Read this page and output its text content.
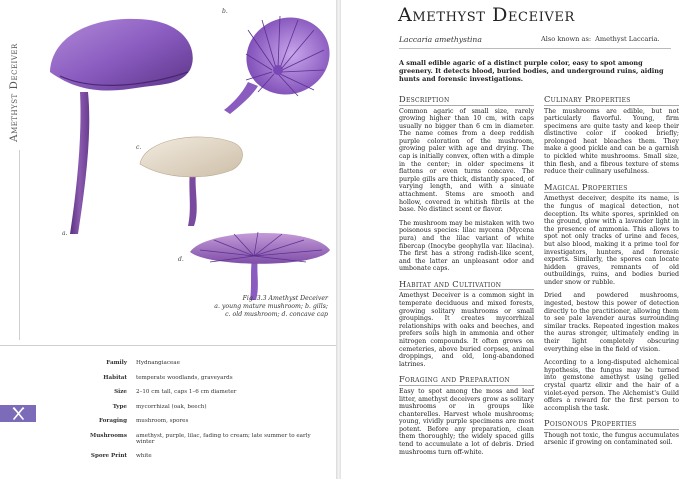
Amethyst Deceiver
a.
b.
c.
d.
Fig. 3.3 Amethyst Deceiver
a. young mature mushroom; b. gills;
c. old mushroom; d. concave cap
Family Hydnangiaceae
Habitat temperate woodlands, graveyards
Size 2–10 cm tall, caps 1–6 cm diameter
Type mycorrhizal (oak, beech)
Foraging mushroom, spores
Mushrooms amethyst, purple, lilac, fading to cream; late summer to early winter
Spore Print white
Amethyst Deceiver
Laccaria amethystina	Also known as: Amethyst Laccaria.
A small edible agaric of a distinct purple color, easy to spot among greenery. It detects blood, buried bodies, and underground ruins, aiding hunts and forensic investigations.
Description

Common agaric of small size, rarely growing higher than 10 cm, with caps usually no bigger than 6 cm in diameter. The name comes from a deep reddish purple coloration of the mushroom, growing paler with age and drying. The cap is initially convex, often with a dimple in the center; in older specimens it flattens or even turns concave. The purple gills are thick, distantly spaced, of varying length, and with a sinuate attachment. Stems are smooth and hollow, covered in whitish fibrils at the base. No distinct scent or flavor.

The mushroom may be mistaken with two poisonous species: lilac mycena (Mycena pura) and the lilac variant of white fibercap (Inocybe geophylla var. lilacina). The first has a strong radish-like scent, and the latter an unpleasant odor and umbonate caps.

Habitat and Cultivation

Amethyst Deceiver is a common sight in temperate deciduous and mixed forests, growing solitary mushrooms or small groupings. It creates mycorrhizal relationships with oaks and beeches, and prefers soils high in ammonia and other nitrogen compounds. It often grows on cemeteries, above buried corpses, animal droppings, and old, long-abandoned latrines.

Foraging and Preparation

Easy to spot among the moss and leaf litter, amethyst deceivers grow as solitary mushrooms or in groups like chanterelles. Harvest whole mushrooms; young, vividly purple specimens are most potent. Before any preparation, clean them thoroughly; the widely spaced gills tend to accumulate a lot of debris. Dried mushrooms turn off-white.

Culinary Properties

The mushrooms are edible, but not particularly flavorful. Young, firm specimens are quite tasty and keep their distinctive color if cooked briefly; prolonged heat bleaches them. They make a good pickle and can be a garnish to pickled white mushrooms. Small size, thin flesh, and a fibrous texture of stems reduce their culinary usefulness.

Magical Properties

Amethyst deceiver, despite its name, is the fungus of magical detection, not deception. Its white spores, sprinkled on the ground, glow with a lavender light in the presence of ammonia. This allows to spot not only tracks of urine and feces, but also blood, making it a prime tool for investigators, hunters, and forensic experts. Similarly, the spores can locate hidden graves, remnants of old outbuildings, ruins, and bodies buried under snow or rubble.

Dried and powdered mushrooms, ingested, bestow this power of detection directly to the practitioner, allowing them to see pale lavender auras surrounding similar tracks. Repeated ingestion makes the auras stronger, ultimately ending in their light completely obscuring everything else in the field of vision.

According to a long-disputed alchemical hypothesis, the fungus may be turned into gemstone amethyst using gelled crystal quartz elixir and the hair of a violet-eyed person. The Alchemist's Guild offers a reward for the first person to accomplish the task.

Poisonous Properties

Though not toxic, the fungus accumulates arsenic if growing on contaminated soil.
